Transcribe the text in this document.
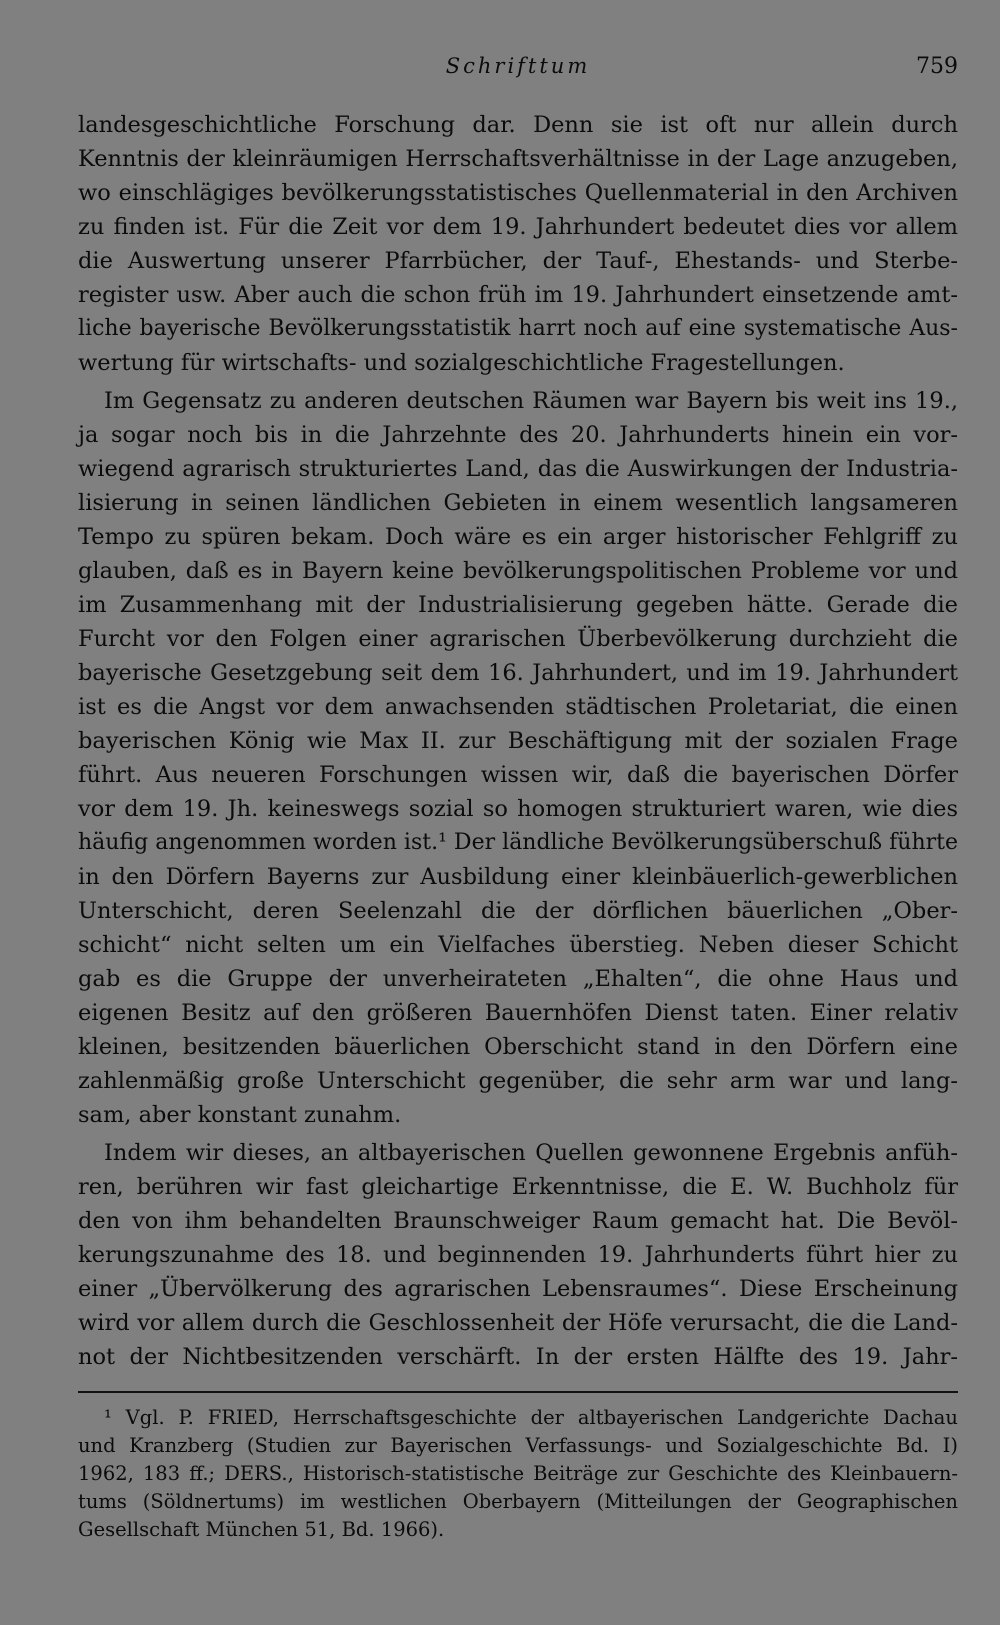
Schrifttum	759
landesgeschichtliche Forschung dar. Denn sie ist oft nur allein durch
Kenntnis der kleinräumigen Herrschaftsverhältnisse in der Lage anzugeben,
wo einschlägiges bevölkerungsstatistisches Quellenmaterial in den Archiven
zu finden ist. Für die Zeit vor dem 19. Jahrhundert bedeutet dies vor allem
die Auswertung unserer Pfarrbücher, der Tauf-, Ehestands- und Sterbe-
register usw. Aber auch die schon früh im 19. Jahrhundert einsetzende amt-
liche bayerische Bevölkerungsstatistik harrt noch auf eine systematische Aus-
wertung für wirtschafts- und sozialgeschichtliche Fragestellungen.
Im Gegensatz zu anderen deutschen Räumen war Bayern bis weit ins 19.,
ja sogar noch bis in die Jahrzehnte des 20. Jahrhunderts hinein ein vor-
wiegend agrarisch strukturiertes Land, das die Auswirkungen der Industria-
lisierung in seinen ländlichen Gebieten in einem wesentlich langsameren
Tempo zu spüren bekam. Doch wäre es ein arger historischer Fehlgriff zu
glauben, daß es in Bayern keine bevölkerungspolitischen Probleme vor und
im Zusammenhang mit der Industrialisierung gegeben hätte. Gerade die
Furcht vor den Folgen einer agrarischen Überbevölkerung durchzieht die
bayerische Gesetzgebung seit dem 16. Jahrhundert, und im 19. Jahrhundert
ist es die Angst vor dem anwachsenden städtischen Proletariat, die einen
bayerischen König wie Max II. zur Beschäftigung mit der sozialen Frage
führt. Aus neueren Forschungen wissen wir, daß die bayerischen Dörfer
vor dem 19. Jh. keineswegs sozial so homogen strukturiert waren, wie dies
häufig angenommen worden ist.¹ Der ländliche Bevölkerungsüberschuß führte
in den Dörfern Bayerns zur Ausbildung einer kleinbäuerlich-gewerblichen
Unterschicht, deren Seelenzahl die der dörflichen bäuerlichen „Ober-
schicht“ nicht selten um ein Vielfaches überstieg. Neben dieser Schicht
gab es die Gruppe der unverheirateten „Ehalten“, die ohne Haus und
eigenen Besitz auf den größeren Bauernhöfen Dienst taten. Einer relativ
kleinen, besitzenden bäuerlichen Oberschicht stand in den Dörfern eine
zahlenmäßig große Unterschicht gegenüber, die sehr arm war und lang-
sam, aber konstant zunahm.
Indem wir dieses, an altbayerischen Quellen gewonnene Ergebnis anfüh-
ren, berühren wir fast gleichartige Erkenntnisse, die E. W. Buchholz für
den von ihm behandelten Braunschweiger Raum gemacht hat. Die Bevöl-
kerungszunahme des 18. und beginnenden 19. Jahrhunderts führt hier zu
einer „Übervölkerung des agrarischen Lebensraumes“. Diese Erscheinung
wird vor allem durch die Geschlossenheit der Höfe verursacht, die die Land-
not der Nichtbesitzenden verschärft. In der ersten Hälfte des 19. Jahr-
¹ Vgl. P. FRIED, Herrschaftsgeschichte der altbayerischen Landgerichte Dachau
und Kranzberg (Studien zur Bayerischen Verfassungs- und Sozialgeschichte Bd. I)
1962, 183 ff.; DERS., Historisch-statistische Beiträge zur Geschichte des Kleinbauern-
tums (Söldnertums) im westlichen Oberbayern (Mitteilungen der Geographischen
Gesellschaft München 51, Bd. 1966).
